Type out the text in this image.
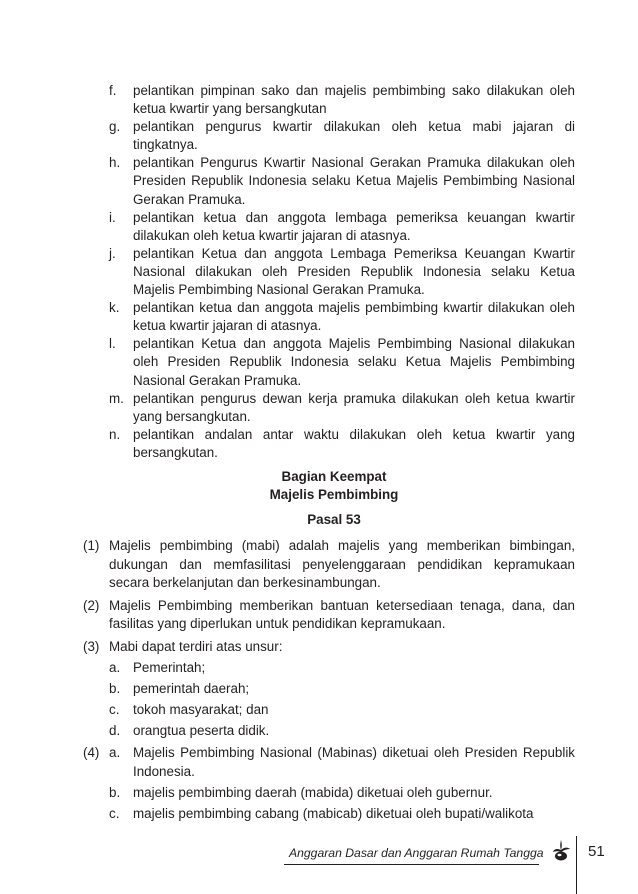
f. pelantikan pimpinan sako dan majelis pembimbing sako dilakukan oleh ketua kwartir yang bersangkutan
g. pelantikan pengurus kwartir dilakukan oleh ketua mabi jajaran di tingkatnya.
h. pelantikan Pengurus Kwartir Nasional Gerakan Pramuka dilakukan oleh Presiden Republik Indonesia selaku Ketua Majelis Pembimbing Nasional Gerakan Pramuka.
i. pelantikan ketua dan anggota lembaga pemeriksa keuangan kwartir dilakukan oleh ketua kwartir jajaran di atasnya.
j. pelantikan Ketua dan anggota Lembaga Pemeriksa Keuangan Kwartir Nasional dilakukan oleh Presiden Republik Indonesia selaku Ketua Majelis Pembimbing Nasional Gerakan Pramuka.
k. pelantikan ketua dan anggota majelis pembimbing kwartir dilakukan oleh ketua kwartir jajaran di atasnya.
l. pelantikan Ketua dan anggota Majelis Pembimbing Nasional dilakukan oleh Presiden Republik Indonesia selaku Ketua Majelis Pembimbing Nasional Gerakan Pramuka.
m. pelantikan pengurus dewan kerja pramuka dilakukan oleh ketua kwartir yang bersangkutan.
n. pelantikan andalan antar waktu dilakukan oleh ketua kwartir yang bersangkutan.
Bagian Keempat
Majelis Pembimbing
Pasal 53
(1) Majelis pembimbing (mabi) adalah majelis yang memberikan bimbingan, dukungan dan memfasilitasi penyelenggaraan pendidikan kepramukaan secara berkelanjutan dan berkesinambungan.
(2) Majelis Pembimbing memberikan bantuan ketersediaan tenaga, dana, dan fasilitas yang diperlukan untuk pendidikan kepramukaan.
(3) Mabi dapat terdiri atas unsur:
a. Pemerintah;
b. pemerintah daerah;
c. tokoh masyarakat; dan
d. orangtua peserta didik.
(4) a. Majelis Pembimbing Nasional (Mabinas) diketuai oleh Presiden Republik Indonesia.
b. majelis pembimbing daerah (mabida) diketuai oleh gubernur.
c. majelis pembimbing cabang (mabicab) diketuai oleh bupati/walikota
Anggaran Dasar dan Anggaran Rumah Tangga	51
